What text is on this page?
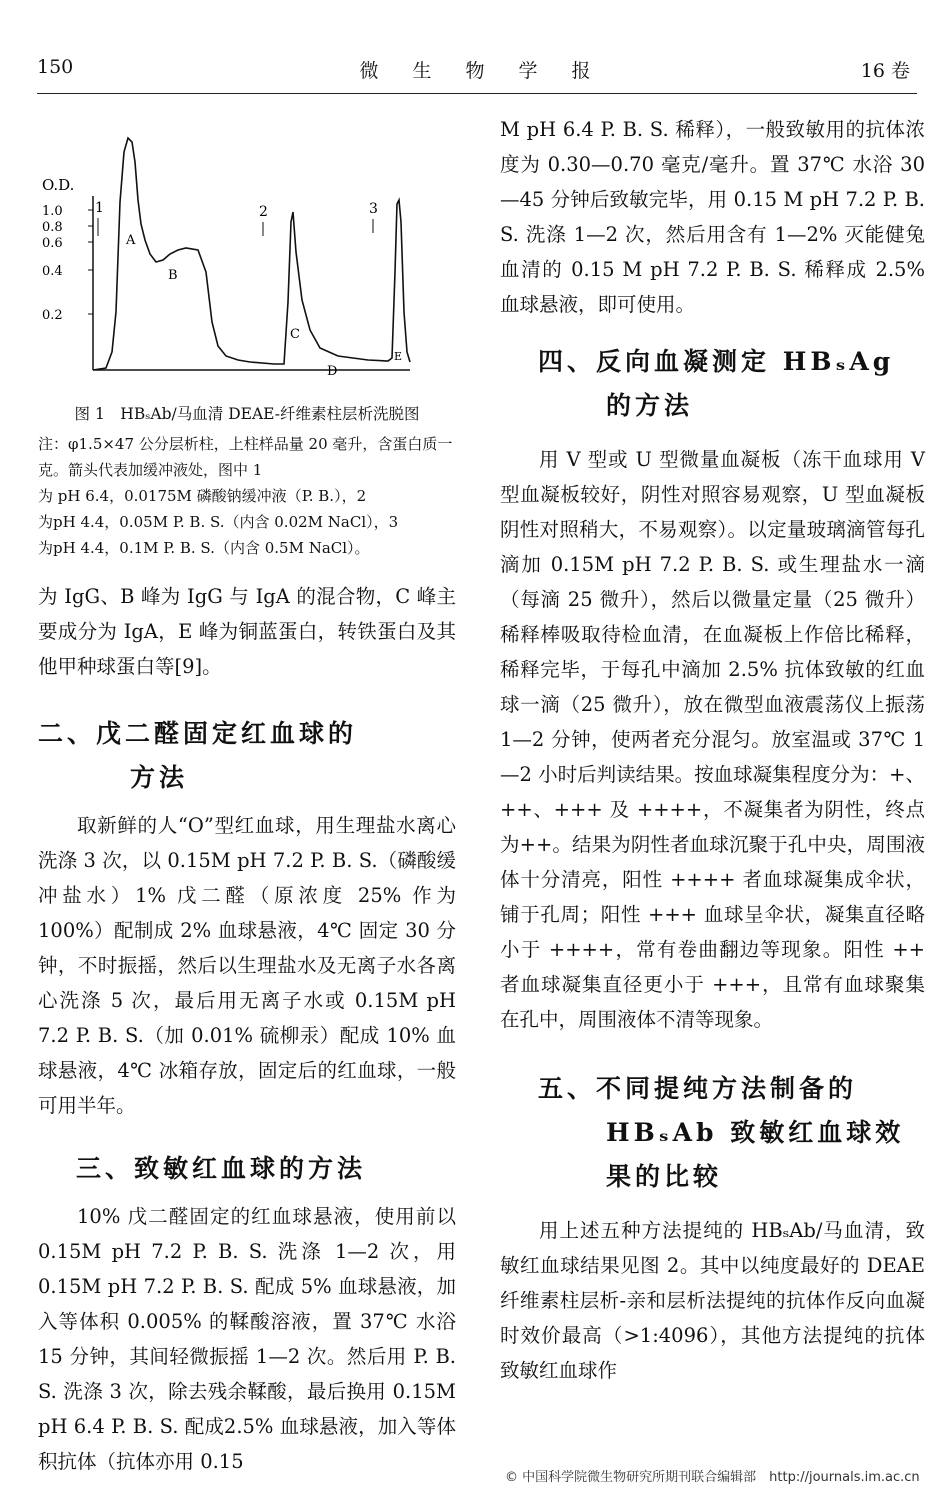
150	微生物学报	16 卷
O.D.
1.0
0.8
0.6
0.4
0.2
1	2	3
A
B
C
D
E

图 1　HBₛAb/马血清 DEAE-纤维素柱层析洗脱图

注：φ1.5×47 公分层析柱，上柱样品量 20 毫升，含蛋白质一克。箭头代表加缓冲液处，图中 1

为 pH 6.4，0.0175M 磷酸钠缓冲液（P. B.），2

为pH 4.4，0.05M P. B. S.（内含 0.02M NaCl），3

为pH 4.4，0.1M P. B. S.（内含 0.5M NaCl）。

为 IgG、B 峰为 IgG 与 IgA 的混合物，C 峰主要成分为 IgA，E 峰为铜蓝蛋白，转铁蛋白及其他甲种球蛋白等[9]。

二、戊二醛固定红血球的
方法

取新鲜的人“O”型红血球，用生理盐水离心洗涤 3 次，以 0.15M pH 7.2 P. B. S.（磷酸缓冲盐水）1% 戊二醛（原浓度 25% 作为 100%）配制成 2% 血球悬液，4℃ 固定 30 分钟，不时振摇，然后以生理盐水及无离子水各离心洗涤 5 次，最后用无离子水或 0.15M pH 7.2 P. B. S.（加 0.01% 硫柳汞）配成 10% 血球悬液，4℃ 冰箱存放，固定后的红血球，一般可用半年。

三、致敏红血球的方法

10% 戊二醛固定的红血球悬液，使用前以 0.15M pH 7.2 P. B. S. 洗涤 1—2 次，用 0.15M pH 7.2 P. B. S. 配成 5% 血球悬液，加入等体积 0.005% 的鞣酸溶液，置 37℃ 水浴 15 分钟，其间轻微振摇 1—2 次。然后用 P. B. S. 洗涤 3 次，除去残余鞣酸，最后换用 0.15M pH 6.4 P. B. S. 配成2.5% 血球悬液，加入等体积抗体（抗体亦用 0.15

M pH 6.4 P. B. S. 稀释），一般致敏用的抗体浓度为 0.30—0.70 毫克/毫升。置 37℃ 水浴 30—45 分钟后致敏完毕，用 0.15 M pH 7.2 P. B. S. 洗涤 1—2 次，然后用含有 1—2% 灭能健兔血清的 0.15 M pH 7.2 P. B. S. 稀释成 2.5% 血球悬液，即可使用。

四、反向血凝测定 HBₛAg
的方法

用 V 型或 U 型微量血凝板（冻干血球用 V 型血凝板较好，阴性对照容易观察，U 型血凝板阴性对照稍大，不易观察）。以定量玻璃滴管每孔滴加 0.15M pH 7.2 P. B. S. 或生理盐水一滴（每滴 25 微升），然后以微量定量（25 微升）稀释棒吸取待检血清，在血凝板上作倍比稀释，稀释完毕，于每孔中滴加 2.5% 抗体致敏的红血球一滴（25 微升），放在微型血液震荡仪上振荡 1—2 分钟，使两者充分混匀。放室温或 37℃ 1—2 小时后判读结果。按血球凝集程度分为：+、++、+++ 及 ++++，不凝集者为阴性，终点为++。结果为阴性者血球沉聚于孔中央，周围液体十分清亮，阳性 ++++ 者血球凝集成伞状，铺于孔周；阳性 +++ 血球呈伞状，凝集直径略小于 ++++，常有卷曲翻边等现象。阳性 ++ 者血球凝集直径更小于 +++，且常有血球聚集在孔中，周围液体不清等现象。

五、不同提纯方法制备的
HBₛAb 致敏红血球效
果的比较

用上述五种方法提纯的 HBₛAb/马血清，致敏红血球结果见图 2。其中以纯度最好的 DEAE 纤维素柱层析-亲和层析法提纯的抗体作反向血凝时效价最高（>1:4096），其他方法提纯的抗体致敏红血球作

© 中国科学院微生物研究所期刊联合编辑部　http://journals.im.ac.cn
